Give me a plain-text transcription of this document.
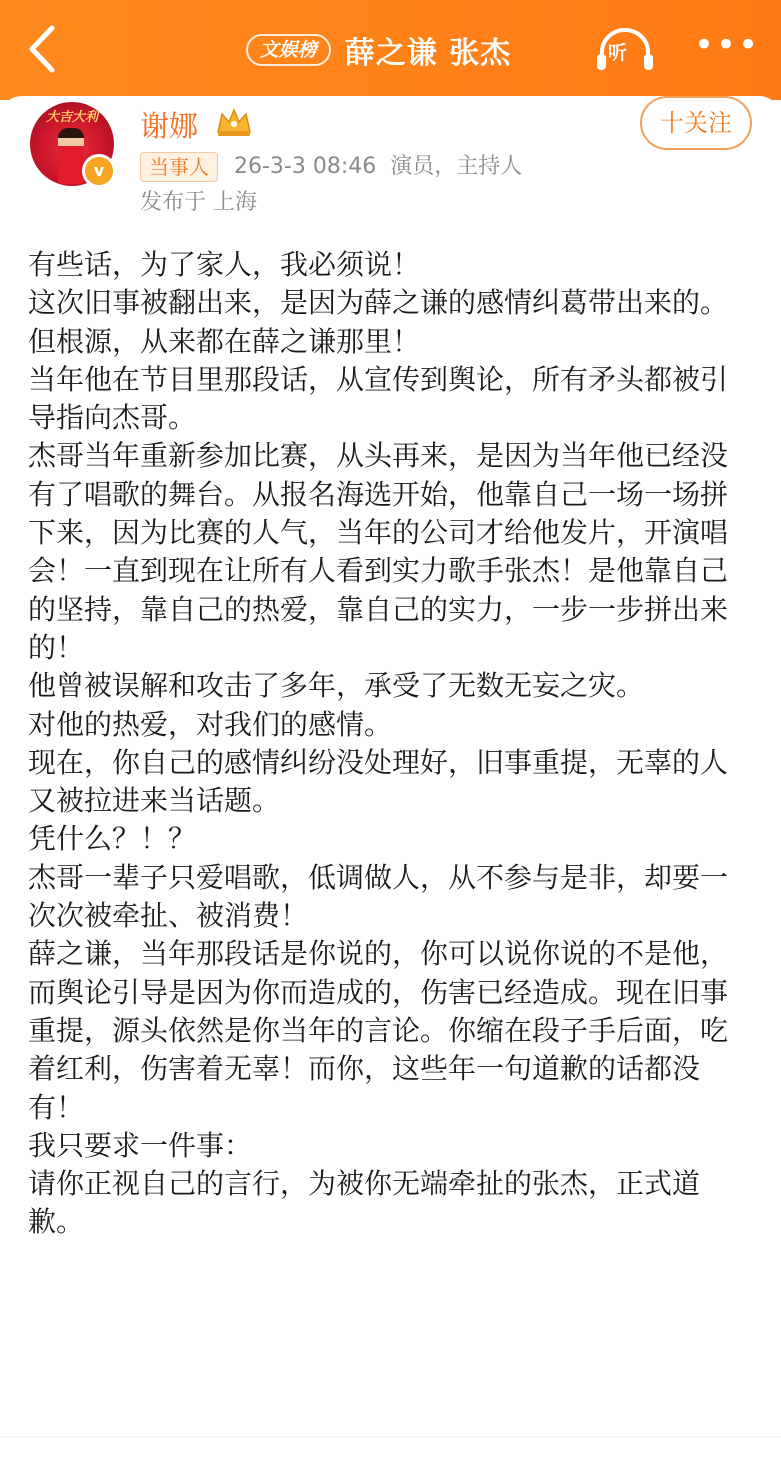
文娱榜 薛之谦 张杰	听 •••
大吉大利
v
谢娜	十关注
当事人	26-3-3 08:46  演员，主持人
发布于 上海

有些话，为了家人，我必须说！

这次旧事被翻出来，是因为薛之谦的感情纠葛带出来的。

但根源，从来都在薛之谦那里！

当年他在节目里那段话，从宣传到舆论，所有矛头都被引导指向杰哥。

杰哥当年重新参加比赛，从头再来，是因为当年他已经没有了唱歌的舞台。从报名海选开始，他靠自己一场一场拼下来，因为比赛的人气，当年的公司才给他发片，开演唱会！一直到现在让所有人看到实力歌手张杰！是他靠自己的坚持，靠自己的热爱，靠自己的实力，一步一步拼出来的！

他曾被误解和攻击了多年，承受了无数无妄之灾。

对他的热爱，对我们的感情。

现在，你自己的感情纠纷没处理好，旧事重提，无辜的人又被拉进来当话题。

凭什么？！？

杰哥一辈子只爱唱歌，低调做人，从不参与是非，却要一次次被牵扯、被消费！

薛之谦，当年那段话是你说的，你可以说你说的不是他，而舆论引导是因为你而造成的，伤害已经造成。现在旧事重提，源头依然是你当年的言论。你缩在段子手后面，吃着红利，伤害着无辜！而你，这些年一句道歉的话都没有！

我只要求一件事：

请你正视自己的言行，为被你无端牵扯的张杰，正式道歉。
